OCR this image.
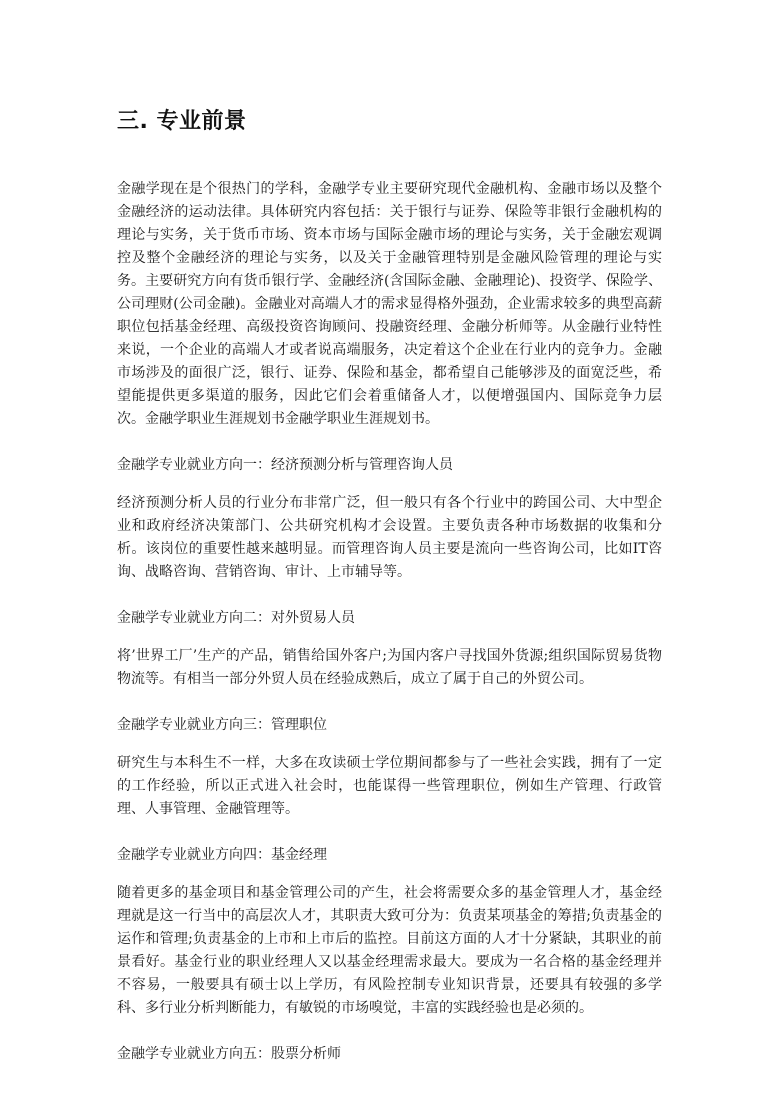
三. 专业前景

金融学现在是个很热门的学科，金融学专业主要研究现代金融机构、金融市场以及整个金融经济的运动法律。具体研究内容包括：关于银行与证券、保险等非银行金融机构的理论与实务，关于货币市场、资本市场与国际金融市场的理论与实务，关于金融宏观调控及整个金融经济的理论与实务，以及关于金融管理特别是金融风险管理的理论与实务。主要研究方向有货币银行学、金融经济(含国际金融、金融理论)、投资学、保险学、公司理财(公司金融)。金融业对高端人才的需求显得格外强劲，企业需求较多的典型高薪职位包括基金经理、高级投资咨询顾问、投融资经理、金融分析师等。从金融行业特性来说，一个企业的高端人才或者说高端服务，决定着这个企业在行业内的竞争力。金融市场涉及的面很广泛，银行、证券、保险和基金，都希望自己能够涉及的面宽泛些，希望能提供更多渠道的服务，因此它们会着重储备人才，以便增强国内、国际竞争力层次。金融学职业生涯规划书金融学职业生涯规划书。

金融学专业就业方向一：经济预测分析与管理咨询人员

经济预测分析人员的行业分布非常广泛，但一般只有各个行业中的跨国公司、大中型企业和政府经济决策部门、公共研究机构才会设置。主要负责各种市场数据的收集和分析。该岗位的重要性越来越明显。而管理咨询人员主要是流向一些咨询公司，比如IT咨询、战略咨询、营销咨询、审计、上市辅导等。

金融学专业就业方向二：对外贸易人员

将’世界工厂’生产的产品，销售给国外客户;为国内客户寻找国外货源;组织国际贸易货物物流等。有相当一部分外贸人员在经验成熟后，成立了属于自己的外贸公司。

金融学专业就业方向三：管理职位

研究生与本科生不一样，大多在攻读硕士学位期间都参与了一些社会实践，拥有了一定的工作经验，所以正式进入社会时，也能谋得一些管理职位，例如生产管理、行政管理、人事管理、金融管理等。

金融学专业就业方向四：基金经理

随着更多的基金项目和基金管理公司的产生，社会将需要众多的基金管理人才，基金经理就是这一行当中的高层次人才，其职责大致可分为：负责某项基金的筹措;负责基金的运作和管理;负责基金的上市和上市后的监控。目前这方面的人才十分紧缺，其职业的前景看好。基金行业的职业经理人又以基金经理需求最大。要成为一名合格的基金经理并不容易，一般要具有硕士以上学历，有风险控制专业知识背景，还要具有较强的多学科、多行业分析判断能力，有敏锐的市场嗅觉，丰富的实践经验也是必须的。

金融学专业就业方向五：股票分析师
